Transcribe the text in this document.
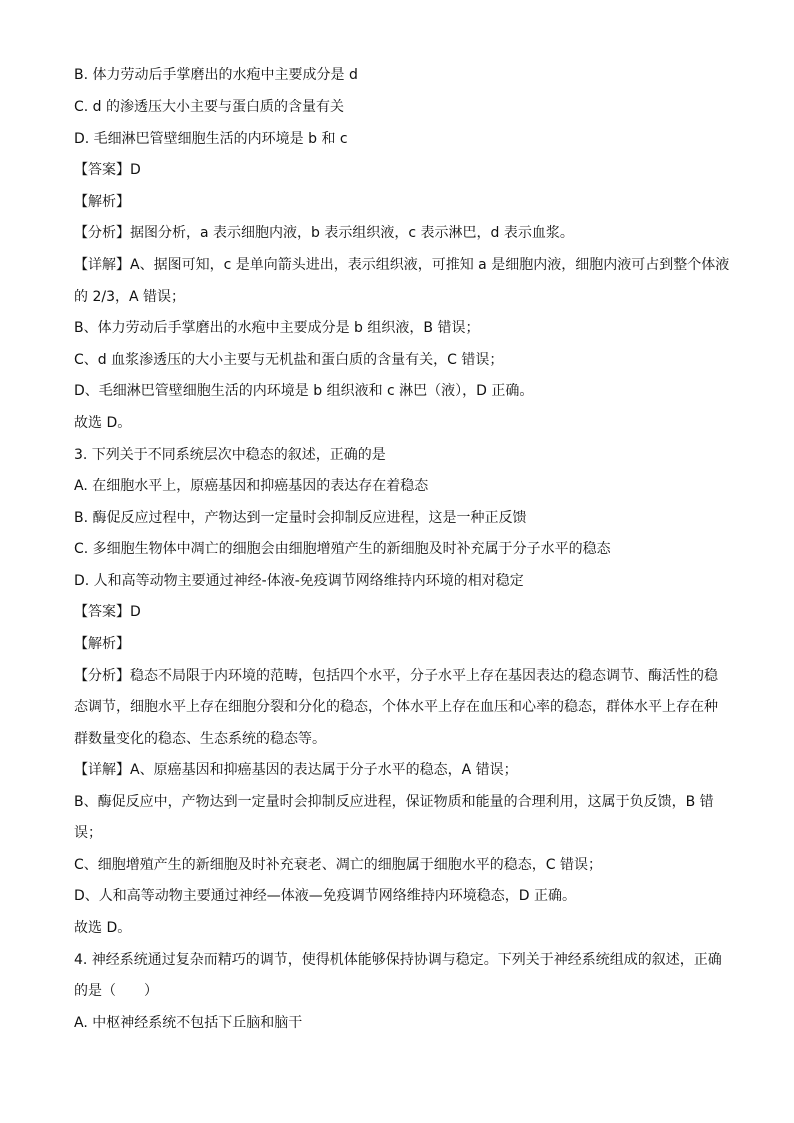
B. 体力劳动后手掌磨出的水疱中主要成分是 d
C. d 的渗透压大小主要与蛋白质的含量有关
D. 毛细淋巴管壁细胞生活的内环境是 b 和 c
【答案】D
【解析】
【分析】据图分析，a 表示细胞内液，b 表示组织液，c 表示淋巴，d 表示血浆。
【详解】A、据图可知，c 是单向箭头进出，表示组织液，可推知 a 是细胞内液，细胞内液可占到整个体液
的 2/3，A 错误；
B、体力劳动后手掌磨出的水疱中主要成分是 b 组织液，B 错误；
C、d 血浆渗透压的大小主要与无机盐和蛋白质的含量有关，C 错误；
D、毛细淋巴管壁细胞生活的内环境是 b 组织液和 c 淋巴（液），D 正确。
故选 D。
3. 下列关于不同系统层次中稳态的叙述，正确的是
A. 在细胞水平上，原癌基因和抑癌基因的表达存在着稳态
B. 酶促反应过程中，产物达到一定量时会抑制反应进程，这是一种正反馈
C. 多细胞生物体中凋亡的细胞会由细胞增殖产生的新细胞及时补充属于分子水平的稳态
D. 人和高等动物主要通过神经-体液-免疫调节网络维持内环境的相对稳定
【答案】D
【解析】
【分析】稳态不局限于内环境的范畴，包括四个水平，分子水平上存在基因表达的稳态调节、酶活性的稳
态调节，细胞水平上存在细胞分裂和分化的稳态，个体水平上存在血压和心率的稳态，群体水平上存在种
群数量变化的稳态、生态系统的稳态等。
【详解】A、原癌基因和抑癌基因的表达属于分子水平的稳态，A 错误；
B、酶促反应中，产物达到一定量时会抑制反应进程，保证物质和能量的合理利用，这属于负反馈，B 错
误；
C、细胞增殖产生的新细胞及时补充衰老、凋亡的细胞属于细胞水平的稳态，C 错误；
D、人和高等动物主要通过神经—体液—免疫调节网络维持内环境稳态，D 正确。
故选 D。
4. 神经系统通过复杂而精巧的调节，使得机体能够保持协调与稳定。下列关于神经系统组成的叙述，正确
的是（　　）
A. 中枢神经系统不包括下丘脑和脑干
